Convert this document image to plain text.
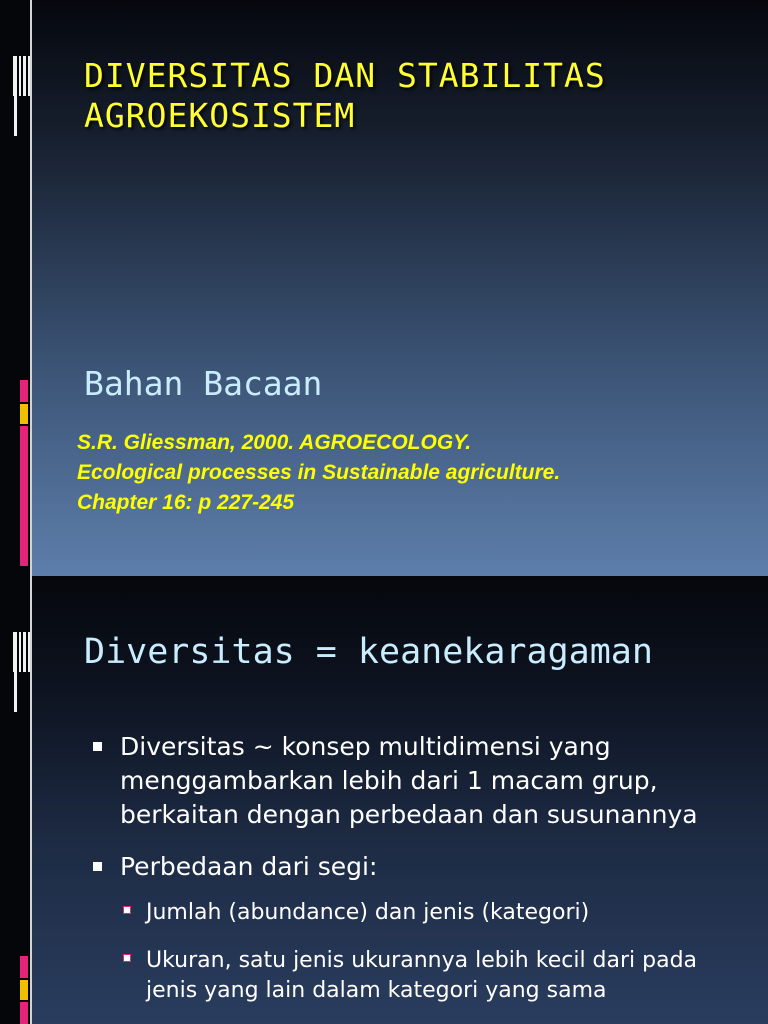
DIVERSITAS DAN STABILITAS AGROEKOSISTEM
Bahan Bacaan

S.R. Gliessman, 2000. AGROECOLOGY.
Ecological processes in Sustainable agriculture.
Chapter 16: p 227-245

Diversitas = keanekaragaman
Diversitas ~ konsep multidimensi yang menggambarkan lebih dari 1 macam grup, berkaitan dengan perbedaan dan susunannya
Perbedaan dari segi:
Jumlah (abundance) dan jenis (kategori)
Ukuran, satu jenis ukurannya lebih kecil dari pada jenis yang lain dalam kategori yang sama
